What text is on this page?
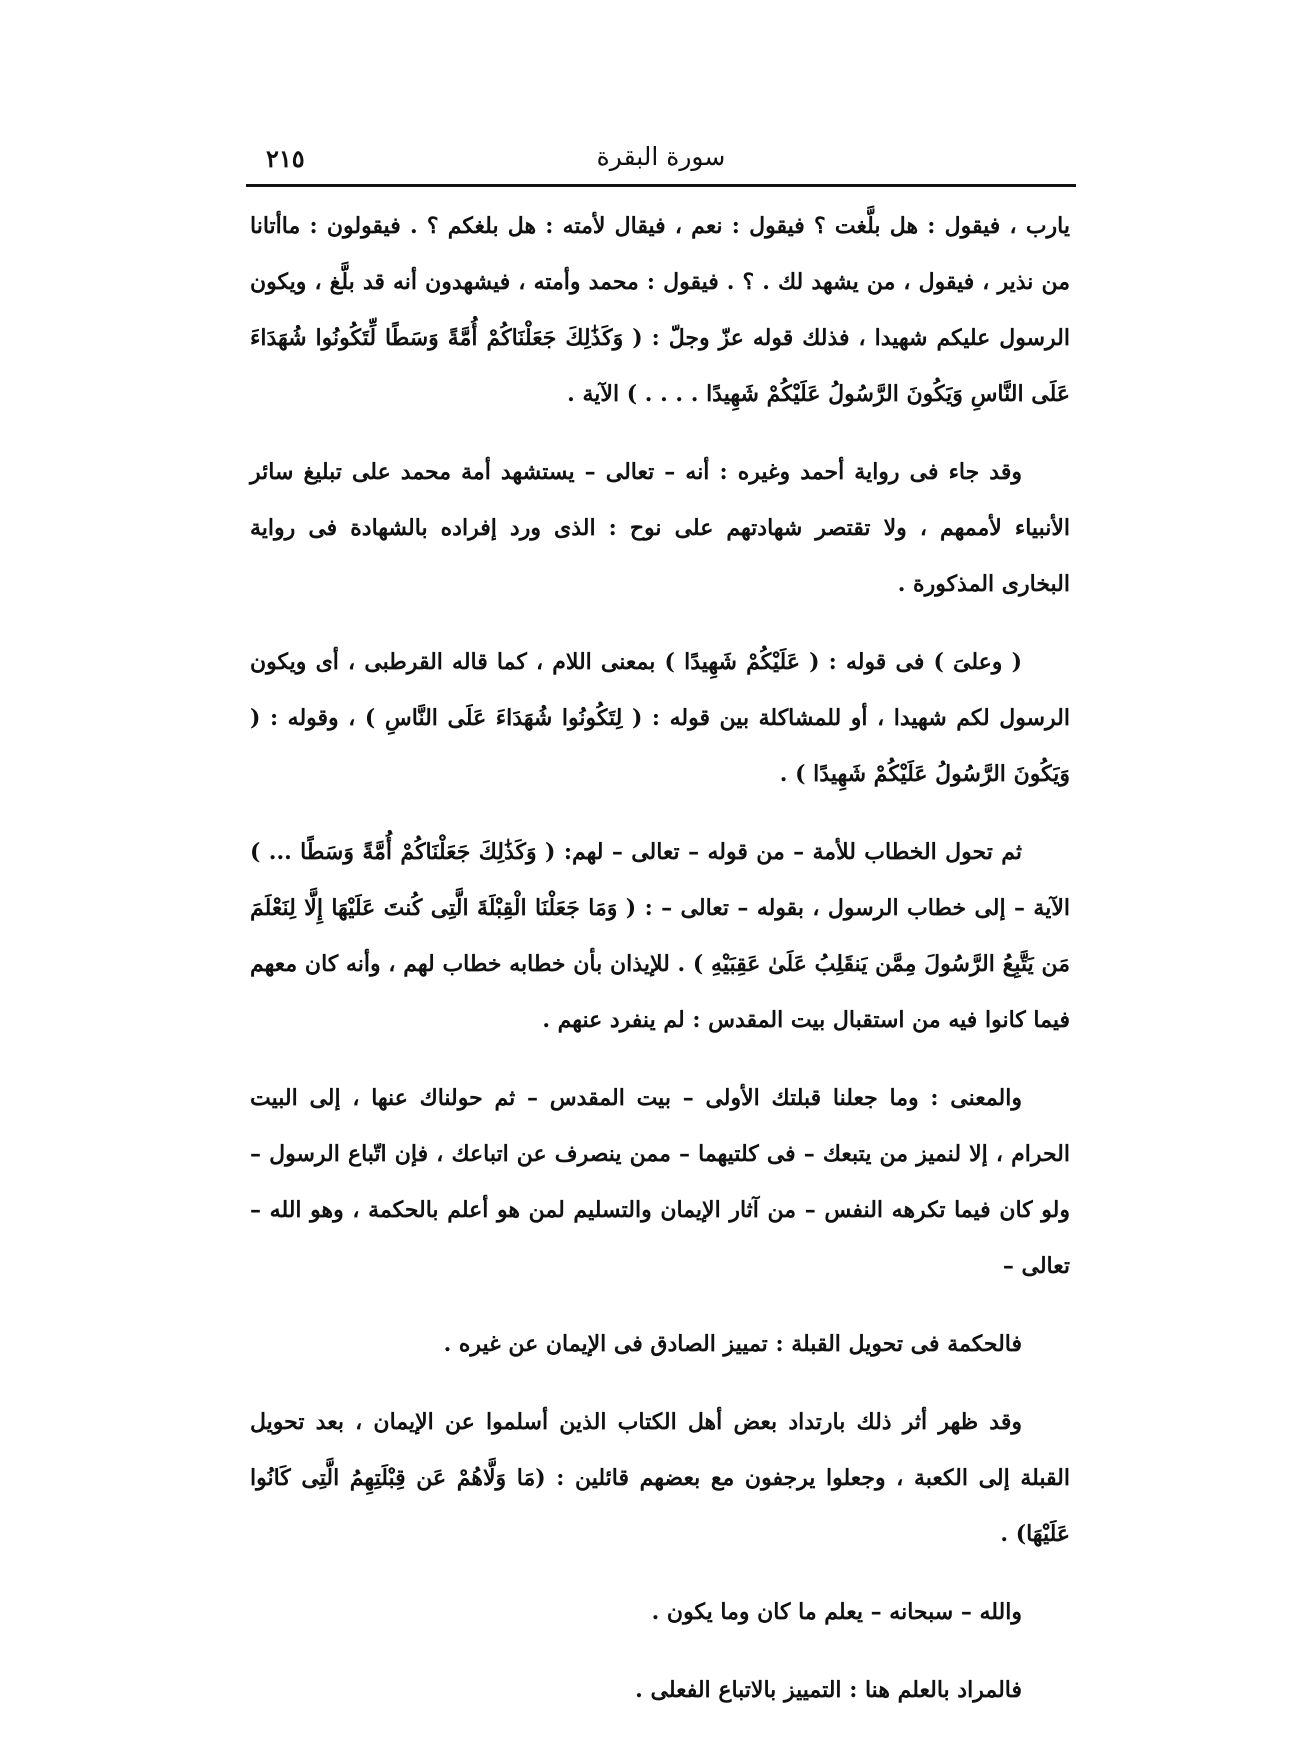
٢١٥	سورة البقرة

يارب ، فيقول : هل بلَّغت ؟ فيقول : نعم ، فيقال لأمته : هل بلغكم ؟ . فيقولون : ماأتانا من نذير ، فيقول ، من يشهد لك . ؟ . فيقول : محمد وأمته ، فيشهدون أنه قد بلَّغ ، ويكون الرسول عليكم شهيدا ، فذلك قوله عزّ وجلّ : ( وَكَذَٰلِكَ جَعَلْنَاكُمْ أُمَّةً وَسَطًا لِّتَكُونُوا شُهَدَاءَ عَلَى النَّاسِ وَيَكُونَ الرَّسُولُ عَلَيْكُمْ شَهِيدًا . . . . ) الآية .

وقد جاء فى رواية أحمد وغيره : أنه – تعالى – يستشهد أمة محمد على تبليغ سائر الأنبياء لأممهم ، ولا تقتصر شهادتهم على نوح : الذى ورد إفراده بالشهادة فى رواية البخارى المذكورة .

( وعلىَ ) فى قوله : ( عَلَيْكُمْ شَهِيدًا ) بمعنى اللام ، كما قاله القرطبى ، أى ويكون الرسول لكم شهيدا ، أو للمشاكلة بين قوله : ( لِتَكُونُوا شُهَدَاءَ عَلَى النَّاسِ ) ، وقوله : ( وَيَكُونَ الرَّسُولُ عَلَيْكُمْ شَهِيدًا ) .

ثم تحول الخطاب للأمة – من قوله – تعالى – لهم: ( وَكَذَٰلِكَ جَعَلْنَاكُمْ أُمَّةً وَسَطًا ... ) الآية – إلى خطاب الرسول ، بقوله – تعالى – : ( وَمَا جَعَلْنَا الْقِبْلَةَ الَّتِى كُنتَ عَلَيْهَا إِلَّا لِنَعْلَمَ مَن يَتَّبِعُ الرَّسُولَ مِمَّن يَنقَلِبُ عَلَىٰ عَقِبَيْهِ ) . للإيذان بأن خطابه خطاب لهم ، وأنه كان معهم فيما كانوا فيه من استقبال بيت المقدس : لم ينفرد عنهم .

والمعنى : وما جعلنا قبلتك الأولى – بيت المقدس – ثم حولناك عنها ، إلى البيت الحرام ، إلا لنميز من يتبعك – فى كلتيهما – ممن ينصرف عن اتباعك ، فإن اتّباع الرسول – ولو كان فيما تكرهه النفس – من آثار الإيمان والتسليم لمن هو أعلم بالحكمة ، وهو الله – تعالى –

فالحكمة فى تحويل القبلة : تمييز الصادق فى الإيمان عن غيره .

وقد ظهر أثر ذلك بارتداد بعض أهل الكتاب الذين أسلموا عن الإيمان ، بعد تحويل القبلة إلى الكعبة ، وجعلوا يرجفون مع بعضهم قائلين : (مَا وَلَّاهُمْ عَن قِبْلَتِهِمُ الَّتِى كَانُوا عَلَيْهَا) .

والله – سبحانه – يعلم ما كان وما يكون .

فالمراد بالعلم هنا : التمييز بالاتباع الفعلى .
